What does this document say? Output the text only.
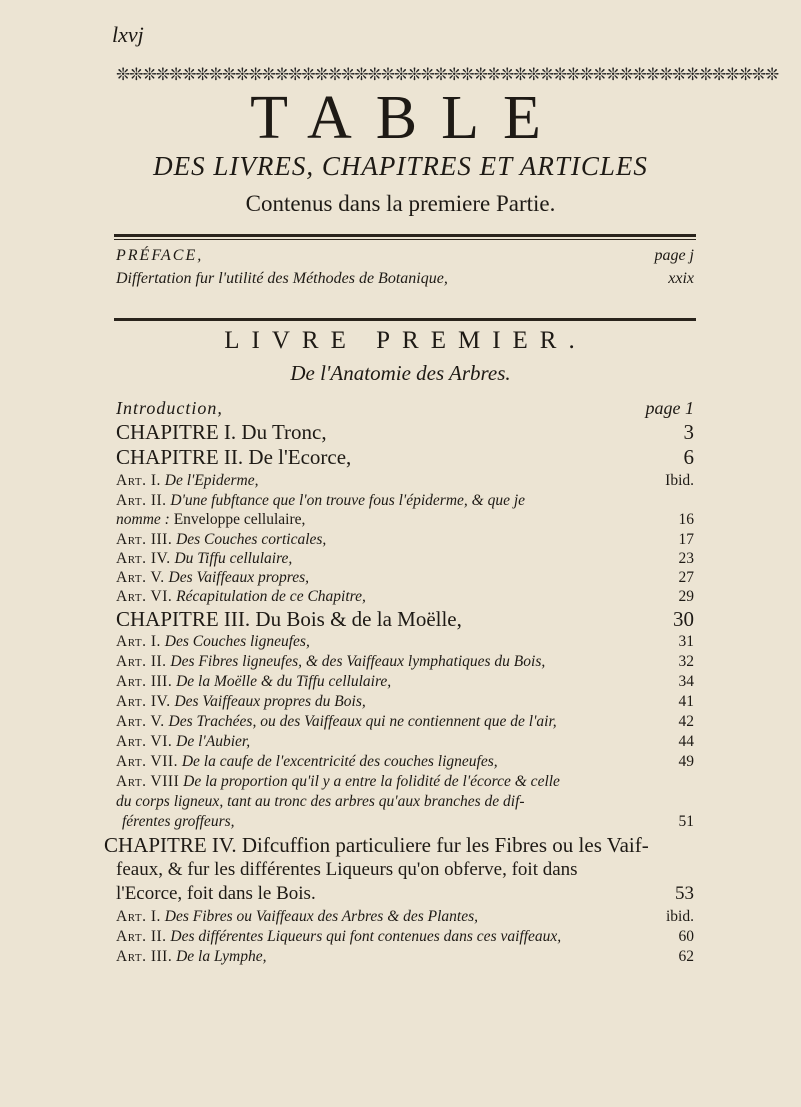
lxvj
❊❊❊❊❊❊❊❊❊❊❊❊❊❊❊❊❊❊❊❊❊❊❊❊❊❊❊❊❊❊❊❊❊❊❊❊❊❊❊❊❊❊❊❊❊❊❊❊❊❊
TABLE
DES LIVRES, CHAPITRES ET ARTICLES
Contenus dans la premiere Partie.
PRÉFACE,	page j
Differtation fur l'utilité des Méthodes de Botanique,	xxix
LIVRE PREMIER.
De l'Anatomie des Arbres.
Introduction,	page 1
CHAPITRE I. Du Tronc,	3
CHAPITRE II. De l'Ecorce,	6
Art. I. De l'Epiderme,	Ibid.
Art. II. D'une fubftance que l'on trouve fous l'épiderme, & que je
nomme : Enveloppe cellulaire,	16
Art. III. Des Couches corticales,	17
Art. IV. Du Tiffu cellulaire,	23
Art. V. Des Vaiffeaux propres,	27
Art. VI. Récapitulation de ce Chapitre,	29
CHAPITRE III. Du Bois & de la Moëlle,	30
Art. I. Des Couches ligneufes,	31
Art. II. Des Fibres ligneufes, & des Vaiffeaux lymphatiques du Bois,	32
Art. III. De la Moëlle & du Tiffu cellulaire,	34
Art. IV. Des Vaiffeaux propres du Bois,	41
Art. V. Des Trachées, ou des Vaiffeaux qui ne contiennent que de l'air,	42
Art. VI. De l'Aubier,	44
Art. VII. De la caufe de l'excentricité des couches ligneufes,	49
Art. VIII De la proportion qu'il y a entre la folidité de l'écorce & celle
du corps ligneux, tant au tronc des arbres qu'aux branches de dif-
férentes groffeurs,	51
CHAPITRE IV. Difcuffion particuliere fur les Fibres ou les Vaif-
feaux, & fur les différentes Liqueurs qu'on obferve, foit dans
l'Ecorce, foit dans le Bois.	53
Art. I. Des Fibres ou Vaiffeaux des Arbres & des Plantes,	ibid.
Art. II. Des différentes Liqueurs qui font contenues dans ces vaiffeaux,	60
Art. III. De la Lymphe,	62
